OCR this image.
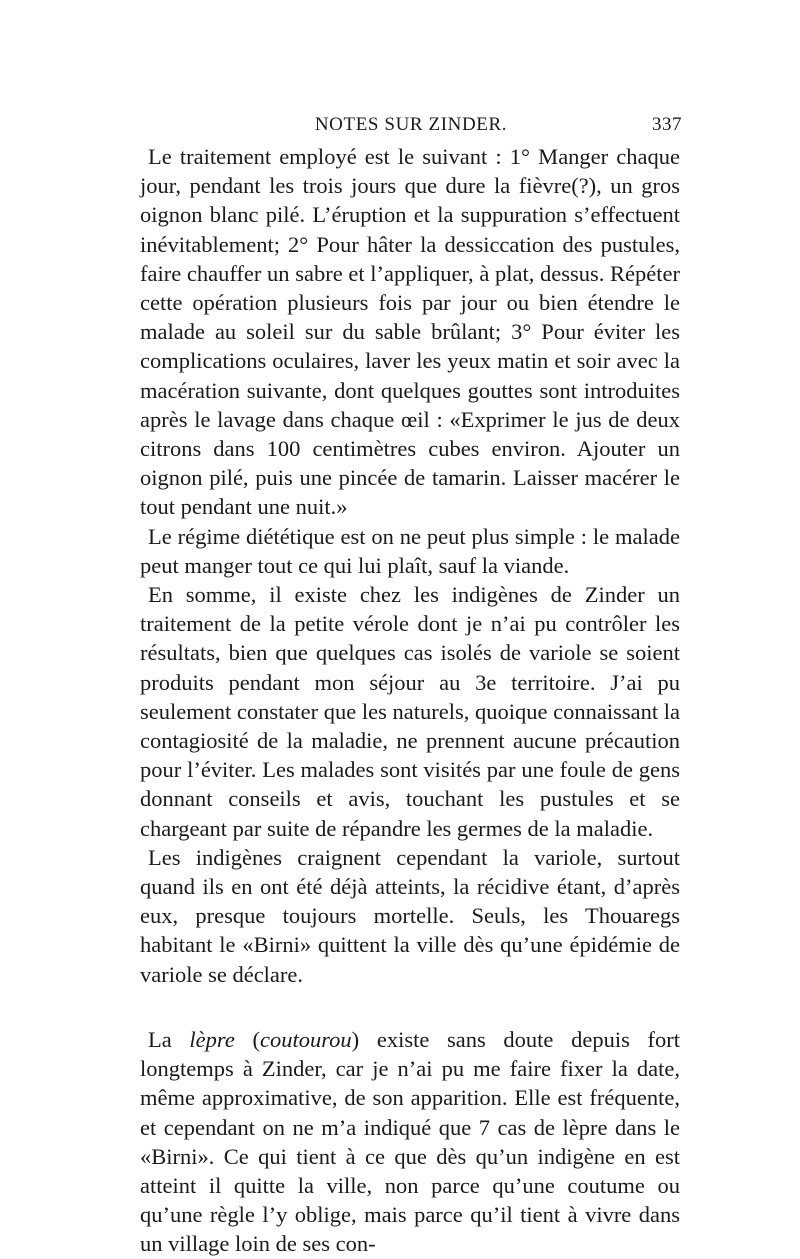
NOTES SUR ZINDER.	337

Le traitement employé est le suivant : 1° Manger chaque jour, pendant les trois jours que dure la fièvre(?), un gros oignon blanc pilé. L’éruption et la suppuration s’effectuent inévitablement; 2° Pour hâter la dessiccation des pustules, faire chauffer un sabre et l’appliquer, à plat, dessus. Répéter cette opération plusieurs fois par jour ou bien étendre le malade au soleil sur du sable brûlant; 3° Pour éviter les complications oculaires, laver les yeux matin et soir avec la macération suivante, dont quelques gouttes sont introduites après le lavage dans chaque œil : «Exprimer le jus de deux citrons dans 100 centimètres cubes environ. Ajouter un oignon pilé, puis une pincée de tamarin. Laisser macérer le tout pendant une nuit.»

Le régime diététique est on ne peut plus simple : le malade peut manger tout ce qui lui plaît, sauf la viande.

En somme, il existe chez les indigènes de Zinder un traitement de la petite vérole dont je n’ai pu contrôler les résultats, bien que quelques cas isolés de variole se soient produits pendant mon séjour au 3e territoire. J’ai pu seulement constater que les naturels, quoique connaissant la contagiosité de la maladie, ne prennent aucune précaution pour l’éviter. Les malades sont visités par une foule de gens donnant conseils et avis, touchant les pustules et se chargeant par suite de répandre les germes de la maladie.

Les indigènes craignent cependant la variole, surtout quand ils en ont été déjà atteints, la récidive étant, d’après eux, presque toujours mortelle. Seuls, les Thouaregs habitant le «Birni» quittent la ville dès qu’une épidémie de variole se déclare.

La lèpre (coutourou) existe sans doute depuis fort longtemps à Zinder, car je n’ai pu me faire fixer la date, même approximative, de son apparition. Elle est fréquente, et cependant on ne m’a indiqué que 7 cas de lèpre dans le «Birni». Ce qui tient à ce que dès qu’un indigène en est atteint il quitte la ville, non parce qu’une coutume ou qu’une règle l’y oblige, mais parce qu’il tient à vivre dans un village loin de ses con-
